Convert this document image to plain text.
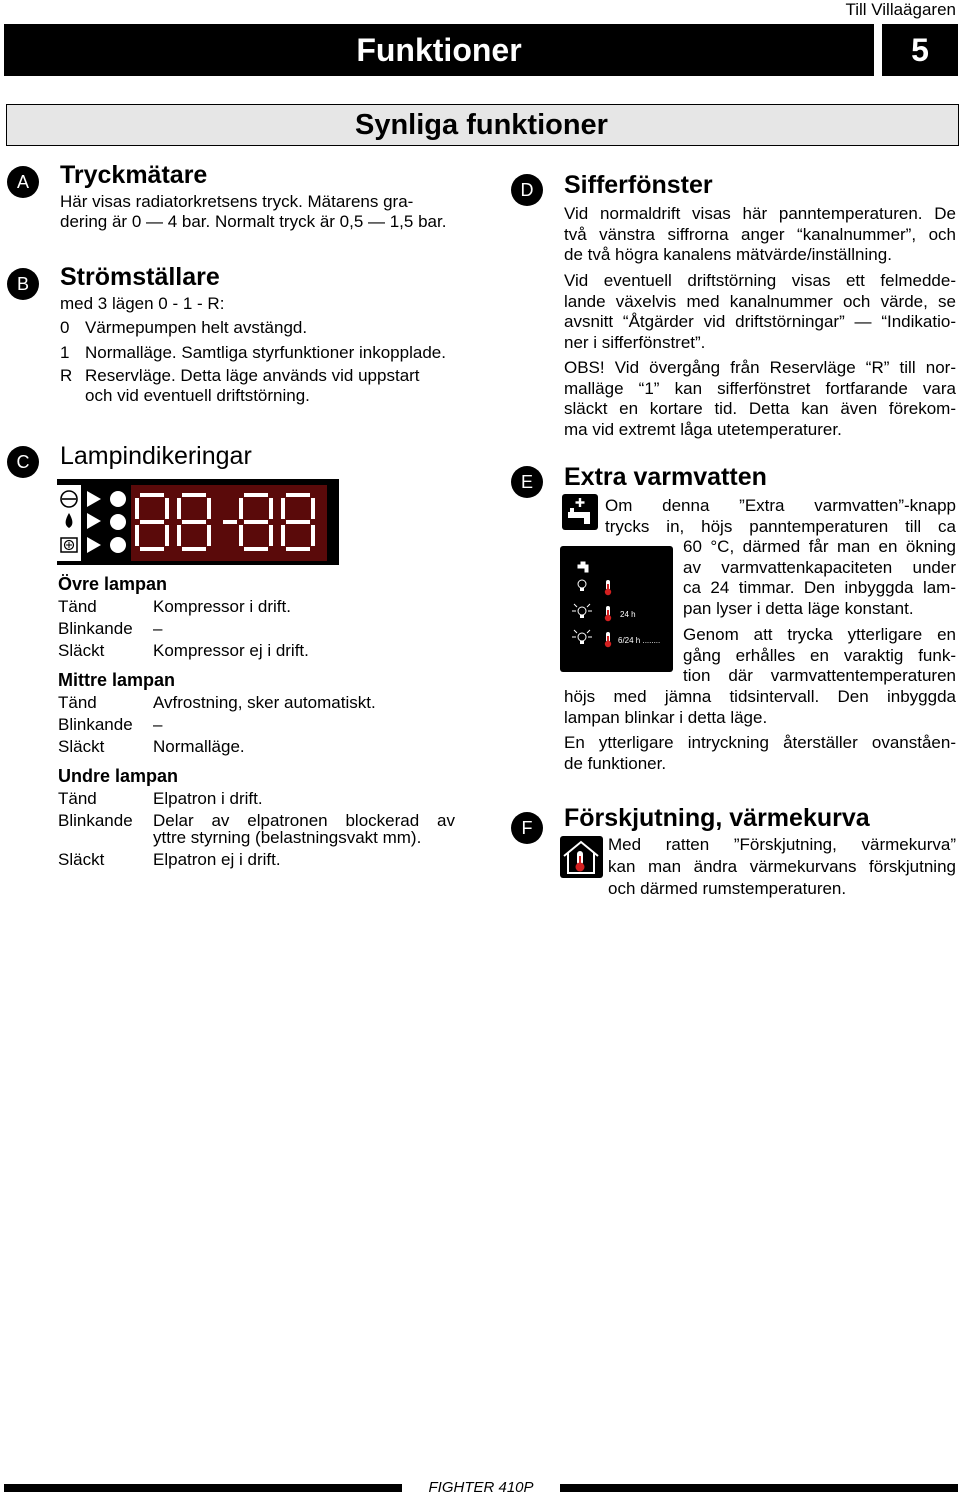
Till Villaägaren
Funktioner	5
Synliga funktioner
A	Tryckmätare
Här visas radiatorkretsens tryck. Mätarens gra-
dering är 0 — 4 bar. Normalt tryck är 0,5 — 1,5 bar.
B	Strömställare
med 3 lägen 0 - 1 - R:
0 Värmepumpen helt avstängd.
1 Normalläge. Samtliga styrfunktioner inkopplade.
R Reservläge. Detta läge används vid uppstart
och vid eventuell driftstörning.
C	Lampindikeringar
Övre lampan
Tänd	Kompressor i drift.
Blinkande –
Släckt	Kompressor ej i drift.
Mittre lampan
Tänd	Avfrostning, sker automatiskt.
Blinkande –
Släckt	Normalläge.
Undre lampan
Tänd	Elpatron i drift.
Blinkande Delar av elpatronen blockerad av
yttre styrning (belastningsvakt mm).
Släckt	Elpatron ej i drift.
D	Sifferfönster
Vid normaldrift visas här panntemperaturen. De
två vänstra siffrorna anger “kanalnummer”, och
de två högra kanalens mätvärde/inställning.
Vid eventuell driftstörning visas ett felmedde-
lande växelvis med kanalnummer och värde, se
avsnitt “Åtgärder vid driftstörningar” — “Indikatio-
ner i sifferfönstret”.
OBS! Vid övergång från Reservläge “R” till nor-
malläge “1” kan sifferfönstret fortfarande vara
släckt en kortare tid. Detta kan även förekom-
ma vid extremt låga utetemperaturer.
E	Extra varmvatten
Om denna ”Extra varmvatten”-knapp
trycks in, höjs panntemperaturen till ca
24 h
6/24 h ........
60 °C, därmed får man en ökning
av varmvattenkapaciteten under
ca 24 timmar. Den inbyggda lam-
pan lyser i detta läge konstant.
Genom att trycka ytterligare en
gång erhålles en varaktig funk-
tion där varmvattentemperaturen
höjs med jämna tidsintervall. Den inbyggda
lampan blinkar i detta läge.
En ytterligare intryckning återställer ovanståen-
de funktioner.
F	Förskjutning, värmekurva
Med ratten ”Förskjutning, värmekurva”
kan man ändra värmekurvans förskjutning
och därmed rumstemperaturen.
FIGHTER 410P
